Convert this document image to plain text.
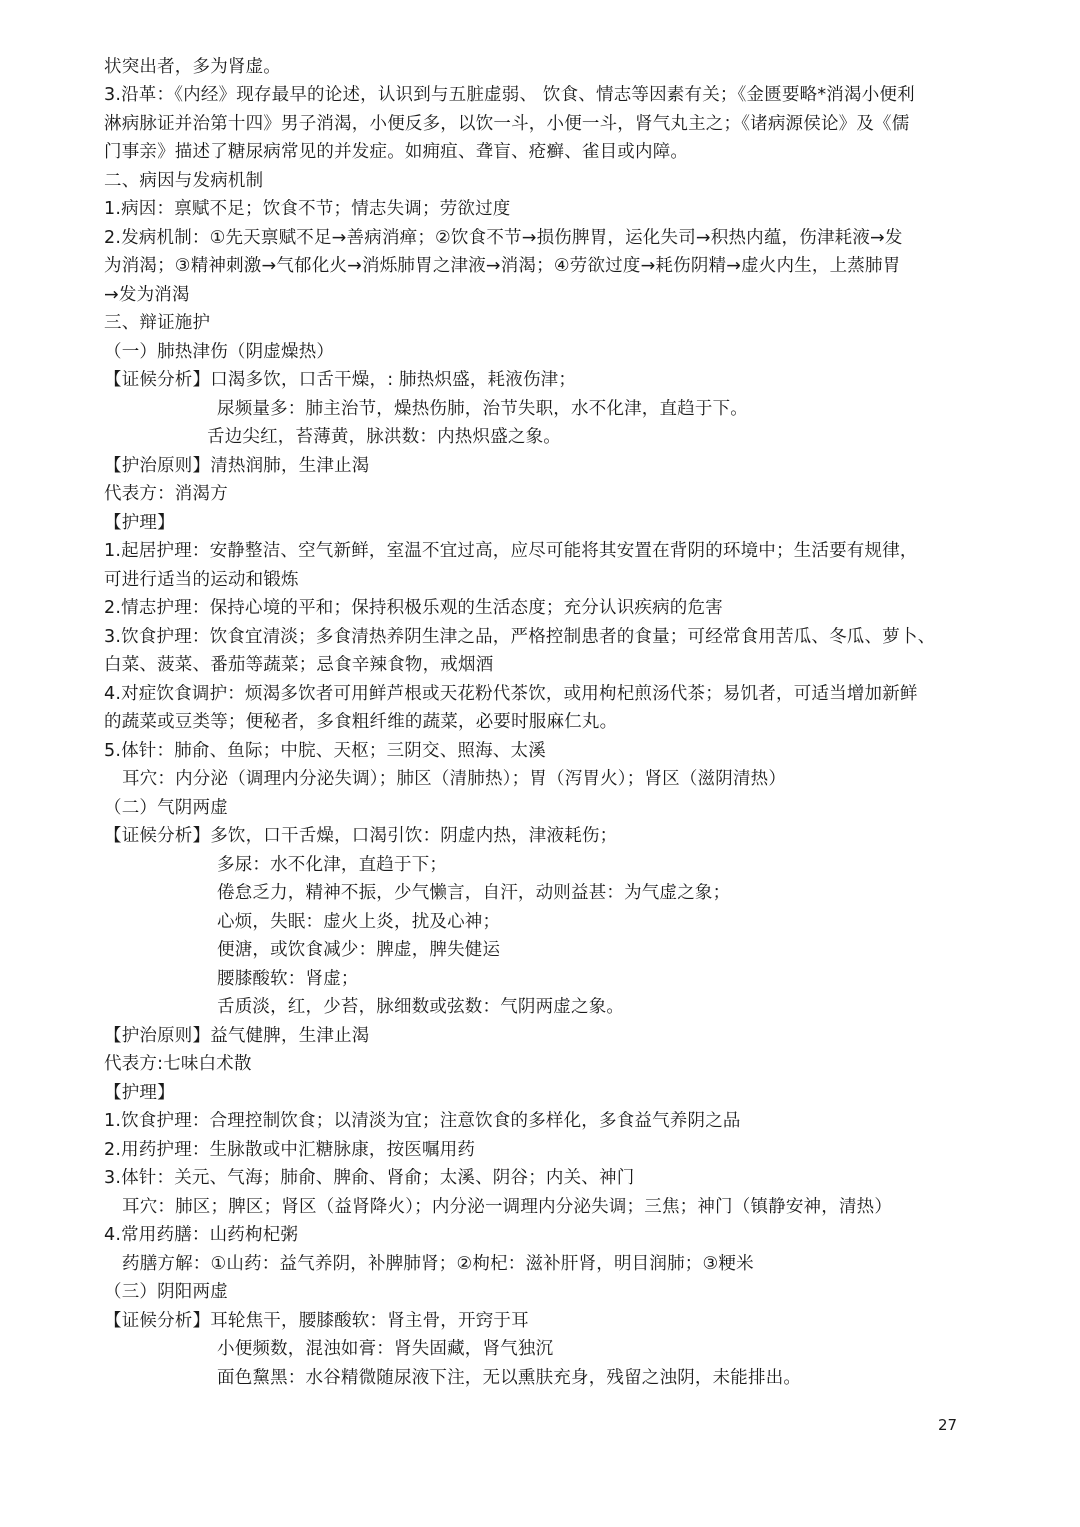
状突出者，多为肾虚。
3.沿革：《内经》现存最早的论述，认识到与五脏虚弱、 饮食、情志等因素有关；《金匮要略*消渴小便利
淋病脉证并治第十四》男子消渴，小便反多，以饮一斗，小便一斗，肾气丸主之；《诸病源侯论》及《儒
门事亲》描述了糖尿病常见的并发症。如痈疽、聋盲、疮癣、雀目或内障。
二、病因与发病机制
1.病因：禀赋不足；饮食不节；情志失调；劳欲过度
2.发病机制：①先天禀赋不足→善病消瘅；②饮食不节→损伤脾胃，运化失司→积热内蕴，伤津耗液→发
为消渴；③精神刺激→气郁化火→消烁肺胃之津液→消渴；④劳欲过度→耗伤阴精→虚火内生，上蒸肺胃
→发为消渴
三、辩证施护
（一）肺热津伤（阴虚燥热）
【证候分析】口渴多饮，口舌干燥，: 肺热炽盛，耗液伤津；
尿频量多：肺主治节，燥热伤肺，治节失职，水不化津，直趋于下。
舌边尖红，苔薄黄，脉洪数：内热炽盛之象。
【护治原则】清热润肺，生津止渴
代表方：消渴方
【护理】
1.起居护理：安静整洁、空气新鲜，室温不宜过高，应尽可能将其安置在背阴的环境中；生活要有规律，
可进行适当的运动和锻炼
2.情志护理：保持心境的平和；保持积极乐观的生活态度；充分认识疾病的危害
3.饮食护理：饮食宜清淡；多食清热养阴生津之品，严格控制患者的食量；可经常食用苦瓜、冬瓜、萝卜、
白菜、菠菜、番茄等蔬菜；忌食辛辣食物，戒烟酒
4.对症饮食调护：烦渴多饮者可用鲜芦根或天花粉代茶饮，或用枸杞煎汤代茶；易饥者，可适当增加新鲜
的蔬菜或豆类等；便秘者，多食粗纤维的蔬菜，必要时服麻仁丸。
5.体针：肺俞、鱼际；中脘、天枢；三阴交、照海、太溪
耳穴：内分泌（调理内分泌失调）；肺区（清肺热）；胃（泻胃火）；肾区（滋阴清热）
（二）气阴两虚
【证候分析】多饮，口干舌燥，口渴引饮：阴虚内热，津液耗伤；
多尿：水不化津，直趋于下；
倦怠乏力，精神不振，少气懒言，自汗，动则益甚：为气虚之象；
心烦，失眠：虚火上炎，扰及心神；
便溏，或饮食减少：脾虚，脾失健运
腰膝酸软：肾虚；
舌质淡，红，少苔，脉细数或弦数：气阴两虚之象。
【护治原则】益气健脾，生津止渴
代表方:七味白术散
【护理】
1.饮食护理：合理控制饮食；以清淡为宜；注意饮食的多样化，多食益气养阴之品
2.用药护理：生脉散或中汇糖脉康，按医嘱用药
3.体针：关元、气海；肺俞、脾俞、肾俞；太溪、阴谷；内关、神门
耳穴：肺区；脾区；肾区（益肾降火）；内分泌一调理内分泌失调；三焦；神门（镇静安神，清热）
4.常用药膳：山药枸杞粥
药膳方解：①山药：益气养阴，补脾肺肾；②枸杞：滋补肝肾，明目润肺；③粳米
（三）阴阳两虚
【证候分析】耳轮焦干，腰膝酸软：肾主骨，开窍于耳
小便频数，混浊如膏：肾失固藏，肾气独沉
面色黧黑：水谷精微随尿液下注，无以熏肤充身，残留之浊阴，未能排出。
27
